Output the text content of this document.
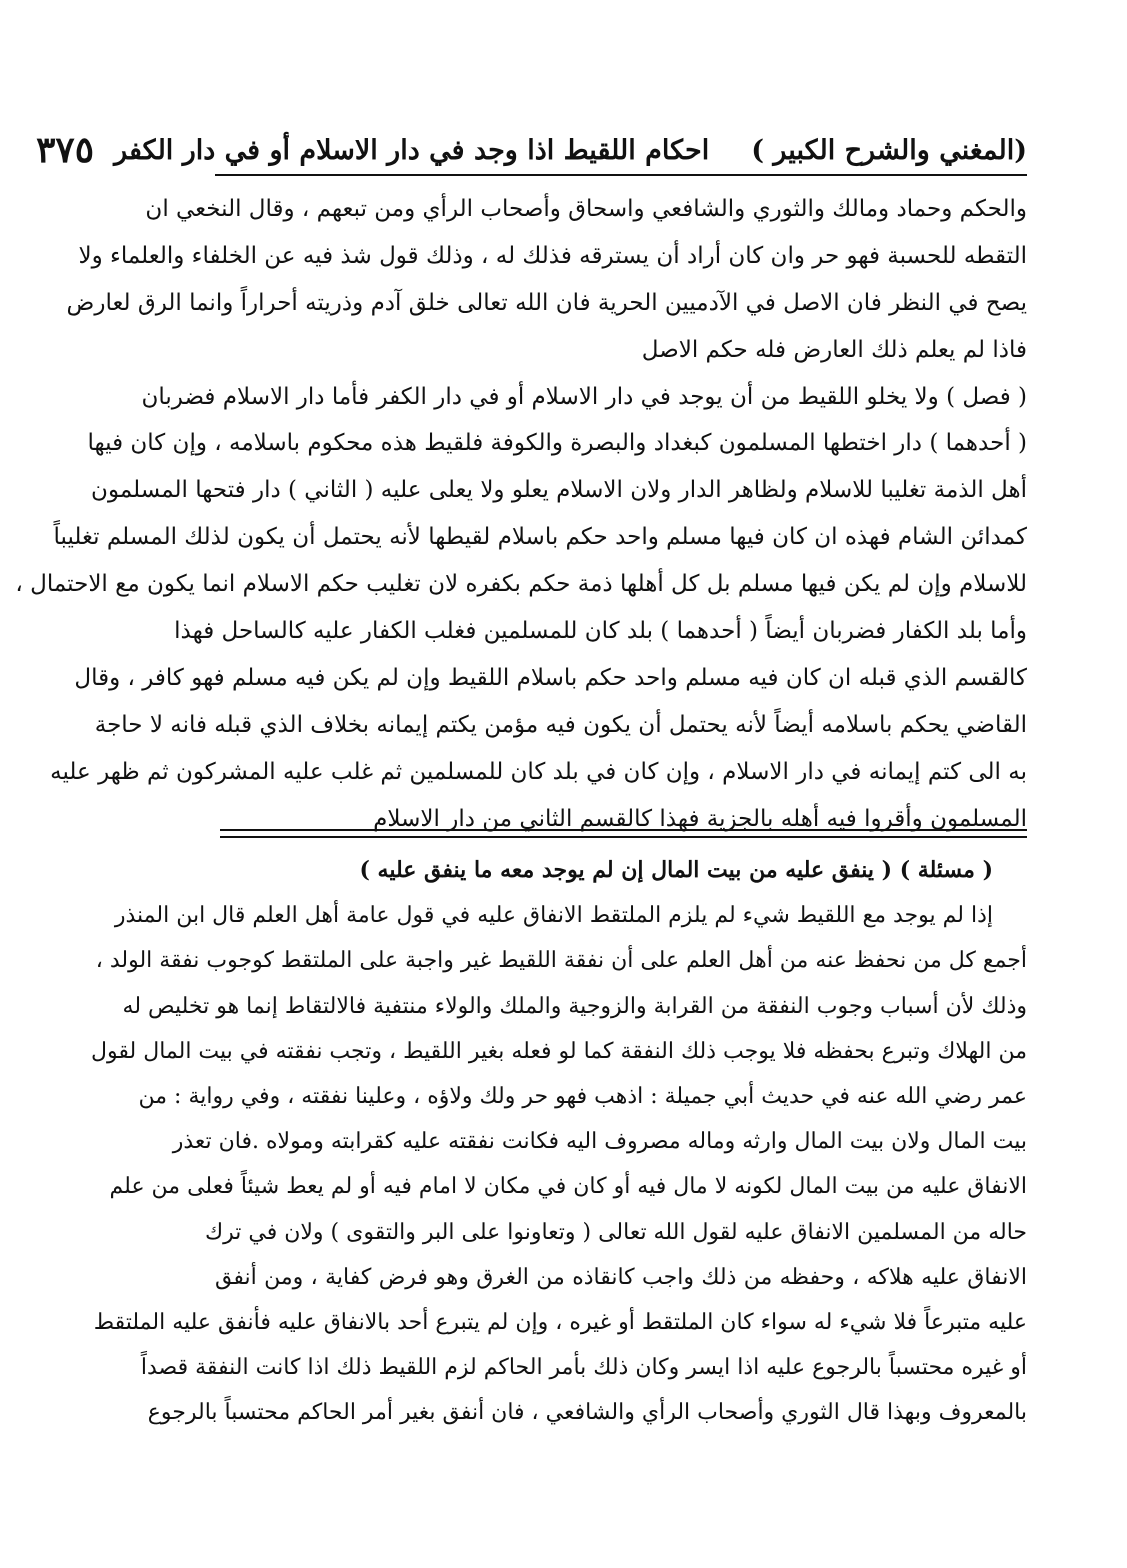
(المغني والشرح الكبير )
احكام اللقيط اذا وجد في دار الاسلام أو في دار الكفر
٣٧٥
والحكم وحماد ومالك والثوري والشافعي واسحاق وأصحاب الرأي ومن تبعهم ، وقال النخعي ان
التقطه للحسبة فهو حر وان كان أراد أن يسترقه فذلك له ، وذلك قول شذ فيه عن الخلفاء والعلماء ولا
يصح في النظر فان الاصل في الآدميين الحرية فان الله تعالى خلق آدم وذريته أحراراً وانما الرق لعارض
فاذا لم يعلم ذلك العارض فله حكم الاصل
( فصل ) ولا يخلو اللقيط من أن يوجد في دار الاسلام أو في دار الكفر فأما دار الاسلام فضربان
( أحدهما ) دار اختطها المسلمون كبغداد والبصرة والكوفة فلقيط هذه محكوم باسلامه ، وإن كان فيها
أهل الذمة تغليبا للاسلام ولظاهر الدار ولان الاسلام يعلو ولا يعلى عليه ( الثاني ) دار فتحها المسلمون
كمدائن الشام فهذه ان كان فيها مسلم واحد حكم باسلام لقيطها لأنه يحتمل أن يكون لذلك المسلم تغليباً
للاسلام وإن لم يكن فيها مسلم بل كل أهلها ذمة حكم بكفره لان تغليب حكم الاسلام انما يكون مع الاحتمال ،
وأما بلد الكفار فضربان أيضاً ( أحدهما ) بلد كان للمسلمين فغلب الكفار عليه كالساحل فهذا
كالقسم الذي قبله ان كان فيه مسلم واحد حكم باسلام اللقيط وإن لم يكن فيه مسلم فهو كافر ، وقال
القاضي يحكم باسلامه أيضاً لأنه يحتمل أن يكون فيه مؤمن يكتم إيمانه بخلاف الذي قبله فانه لا حاجة
به الى كتم إيمانه في دار الاسلام ، وإن كان في بلد كان للمسلمين ثم غلب عليه المشركون ثم ظهر عليه
المسلمون وأقروا فيه أهله بالجزية فهذا كالقسم الثاني من دار الاسلام
( مسئلة ) ( ينفق عليه من بيت المال إن لم يوجد معه ما ينفق عليه )
إذا لم يوجد مع اللقيط شيء لم يلزم الملتقط الانفاق عليه في قول عامة أهل العلم قال ابن المنذر
أجمع كل من نحفظ عنه من أهل العلم على أن نفقة اللقيط غير واجبة على الملتقط كوجوب نفقة الولد ،
وذلك لأن أسباب وجوب النفقة من القرابة والزوجية والملك والولاء منتفية فالالتقاط إنما هو تخليص له
من الهلاك وتبرع بحفظه فلا يوجب ذلك النفقة كما لو فعله بغير اللقيط ، وتجب نفقته في بيت المال لقول
عمر رضي الله عنه في حديث أبي جميلة : اذهب فهو حر ولك ولاؤه ، وعلينا نفقته ، وفي رواية : من
بيت المال ولان بيت المال وارثه وماله مصروف اليه فكانت نفقته عليه كقرابته ومولاه .فان تعذر
الانفاق عليه من بيت المال لكونه لا مال فيه أو كان في مكان لا امام فيه أو لم يعط شيئاً فعلى من علم
حاله من المسلمين الانفاق عليه لقول الله تعالى ( وتعاونوا على البر والتقوى ) ولان في ترك
الانفاق عليه هلاكه ، وحفظه من ذلك واجب كانقاذه من الغرق وهو فرض كفاية ، ومن أنفق
عليه متبرعاً فلا شيء له سواء كان الملتقط أو غيره ، وإن لم يتبرع أحد بالانفاق عليه فأنفق عليه الملتقط
أو غيره محتسباً بالرجوع عليه اذا ايسر وكان ذلك بأمر الحاكم لزم اللقيط ذلك اذا كانت النفقة قصداً
بالمعروف وبهذا قال الثوري وأصحاب الرأي والشافعي ، فان أنفق بغير أمر الحاكم محتسباً بالرجوع
